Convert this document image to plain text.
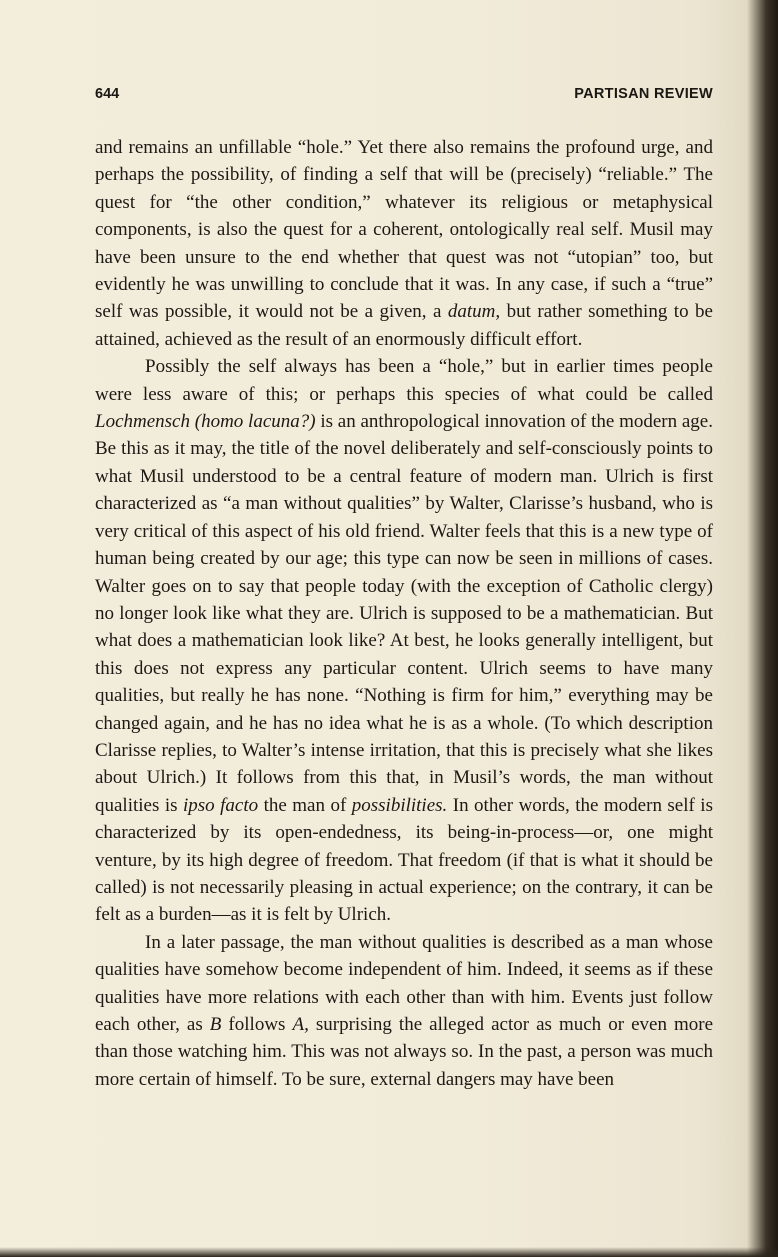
644	PARTISAN REVIEW

and remains an unfillable “hole.” Yet there also remains the profound urge, and perhaps the possibility, of finding a self that will be (precisely) “reliable.” The quest for “the other condition,” whatever its religious or metaphysical components, is also the quest for a coherent, ontologically real self. Musil may have been unsure to the end whether that quest was not “utopian” too, but evidently he was unwilling to conclude that it was. In any case, if such a “true” self was possible, it would not be a given, a datum, but rather something to be attained, achieved as the result of an enormously difficult effort.

Possibly the self always has been a “hole,” but in earlier times people were less aware of this; or perhaps this species of what could be called Lochmensch (homo lacuna?) is an anthropological innovation of the modern age. Be this as it may, the title of the novel deliberately and self-consciously points to what Musil understood to be a central feature of modern man. Ulrich is first characterized as “a man without qualities” by Walter, Clarisse’s husband, who is very critical of this aspect of his old friend. Walter feels that this is a new type of human being created by our age; this type can now be seen in millions of cases. Walter goes on to say that people today (with the exception of Catholic clergy) no longer look like what they are. Ulrich is supposed to be a mathematician. But what does a mathematician look like? At best, he looks generally intelligent, but this does not express any particular content. Ulrich seems to have many qualities, but really he has none. “Nothing is firm for him,” everything may be changed again, and he has no idea what he is as a whole. (To which description Clarisse replies, to Walter’s intense irritation, that this is precisely what she likes about Ulrich.) It follows from this that, in Musil’s words, the man without qualities is ipso facto the man of possibilities. In other words, the modern self is characterized by its open-endedness, its being-in-process—or, one might venture, by its high degree of freedom. That freedom (if that is what it should be called) is not necessarily pleasing in actual experience; on the contrary, it can be felt as a burden—as it is felt by Ulrich.

In a later passage, the man without qualities is described as a man whose qualities have somehow become independent of him. Indeed, it seems as if these qualities have more relations with each other than with him. Events just follow each other, as B follows A, surprising the alleged actor as much or even more than those watching him. This was not always so. In the past, a person was much more certain of himself. To be sure, external dangers may have been
